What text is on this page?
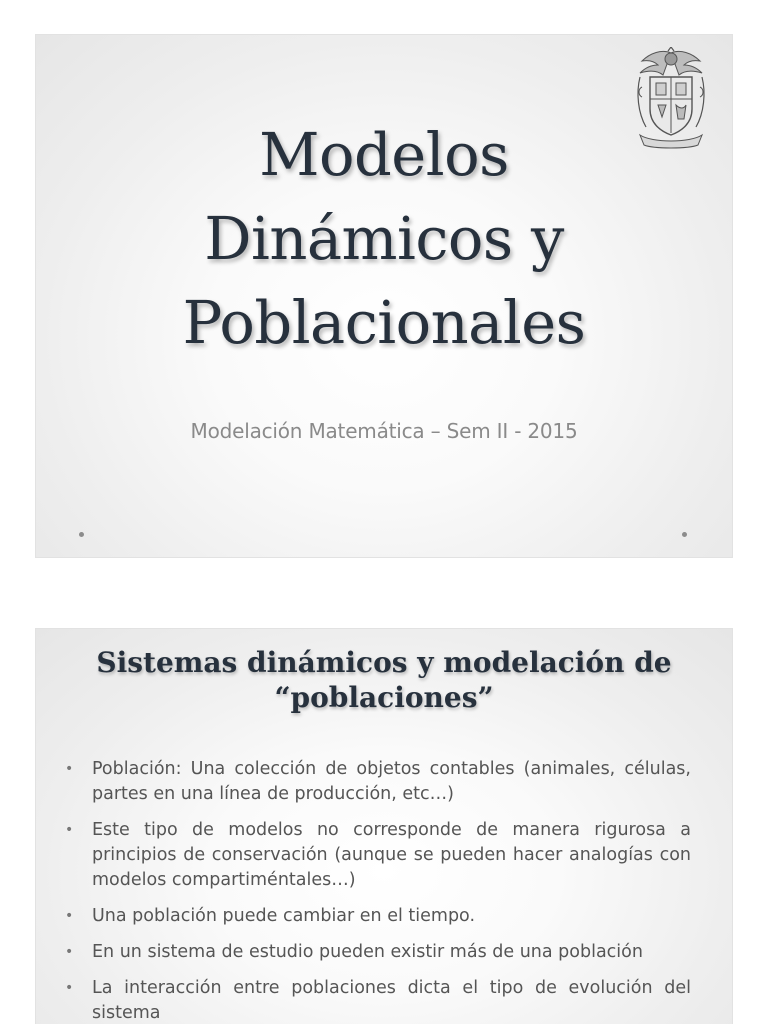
Modelos
Dinámicos y
Poblacionales
Modelación Matemática – Sem II - 2015
Sistemas dinámicos y modelación de
“poblaciones”
• Población: Una colección de objetos contables (animales, células, partes en una línea de producción, etc…)
• Este tipo de modelos no corresponde de manera rigurosa a principios de conservación (aunque se pueden hacer analogías con modelos compartiméntales…)
• Una población puede cambiar en el tiempo.
• En un sistema de estudio pueden existir más de una población
• La interacción entre poblaciones dicta el tipo de evolución del sistema
